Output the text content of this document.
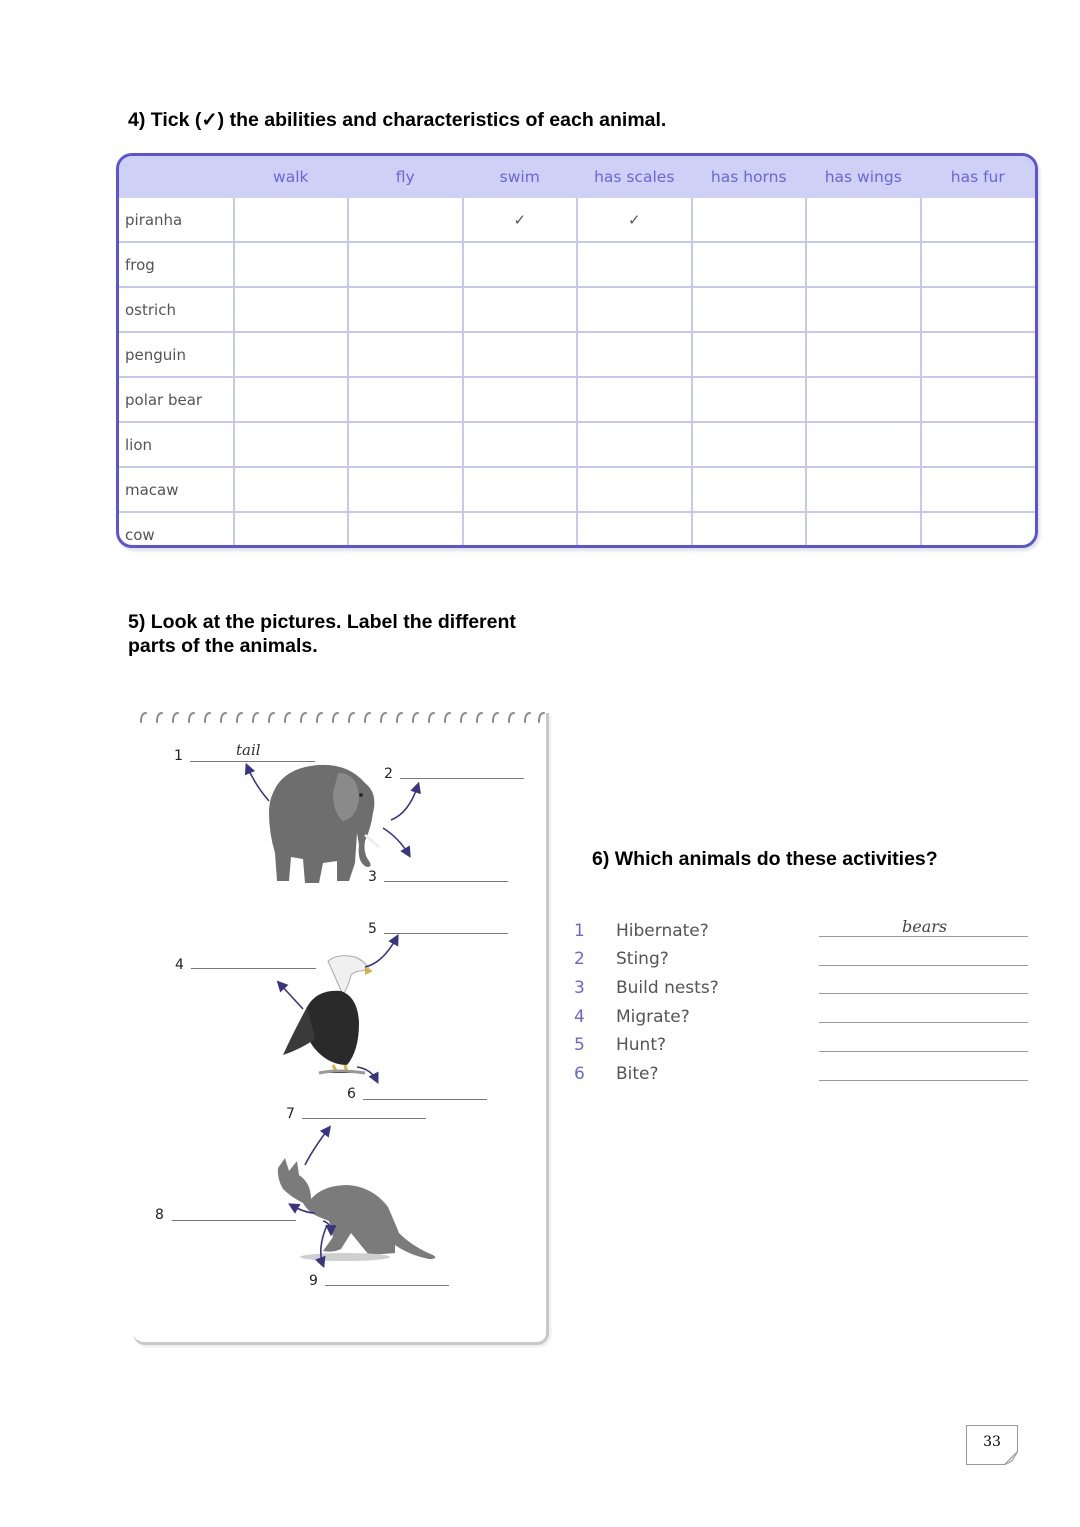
4) Tick (✓) the abilities and characteristics of each animal.
	walk	fly	swim	has scales	has horns	has wings	has fur
piranha			✓	✓			
frog							
ostrich							
penguin							
polar bear							
lion							
macaw							
cow							
5) Look at the pictures. Label the different
parts of the animals.
1	tail
2
3
4
5
6
7
8
9
6) Which animals do these activities?
1 Hibernate?	bears
2 Sting?
3 Build nests?
4 Migrate?
5 Hunt?
6 Bite?
33
